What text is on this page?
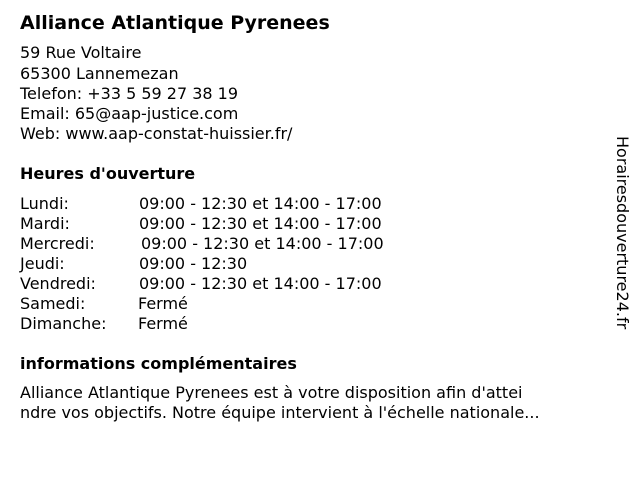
Alliance Atlantique Pyrenees
59 Rue Voltaire
65300 Lannemezan
Telefon: +33 5 59 27 38 19
Email: 65@aap-justice.com
Web: www.aap-constat-huissier.fr/
Heures d'ouverture
Lundi:	09:00 - 12:30 et 14:00 - 17:00
Mardi:	09:00 - 12:30 et 14:00 - 17:00
Mercredi:	09:00 - 12:30 et 14:00 - 17:00
Jeudi:	09:00 - 12:30
Vendredi:	09:00 - 12:30 et 14:00 - 17:00
Samedi:	Fermé
Dimanche: Fermé
informations complémentaires
Alliance Atlantique Pyrenees est à votre disposition afin d'attei
ndre vos objectifs. Notre équipe intervient à l'échelle nationale...
Horairesdouverture24.fr
